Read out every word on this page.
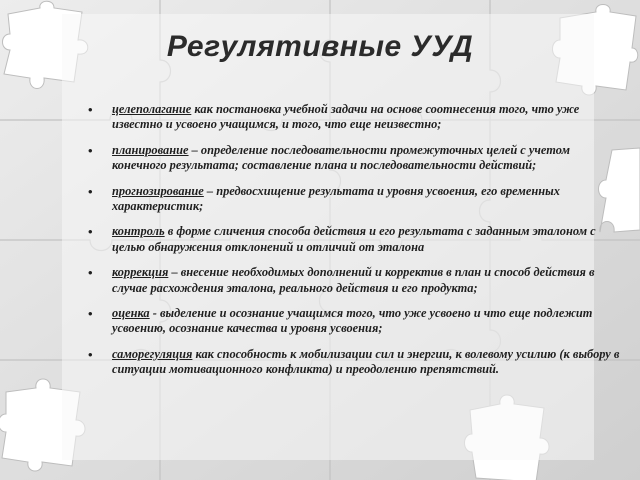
Регулятивные УУД
• целеполагание как постановка учебной задачи на основе соотнесения того, что уже известно и усвоено учащимся, и того, что еще неизвестно;
• планирование – определение последовательности промежуточных целей с учетом конечного результата; составление плана и последовательности действий;
• прогнозирование – предвосхищение результата и уровня усвоения, его временных характеристик;
• контроль в форме сличения способа действия и его результата с заданным эталоном с целью обнаружения отклонений и отличий от эталона
• коррекция – внесение необходимых дополнений и корректив в план и способ действия в случае расхождения эталона, реального действия и его продукта;
• оценка - выделение и осознание учащимся того, что уже усвоено и что еще подлежит усвоению, осознание качества и уровня усвоения;
• саморегуляция как способность к мобилизации сил и энергии, к волевому усилию (к выбору в ситуации мотивационного конфликта) и преодолению препятствий.
